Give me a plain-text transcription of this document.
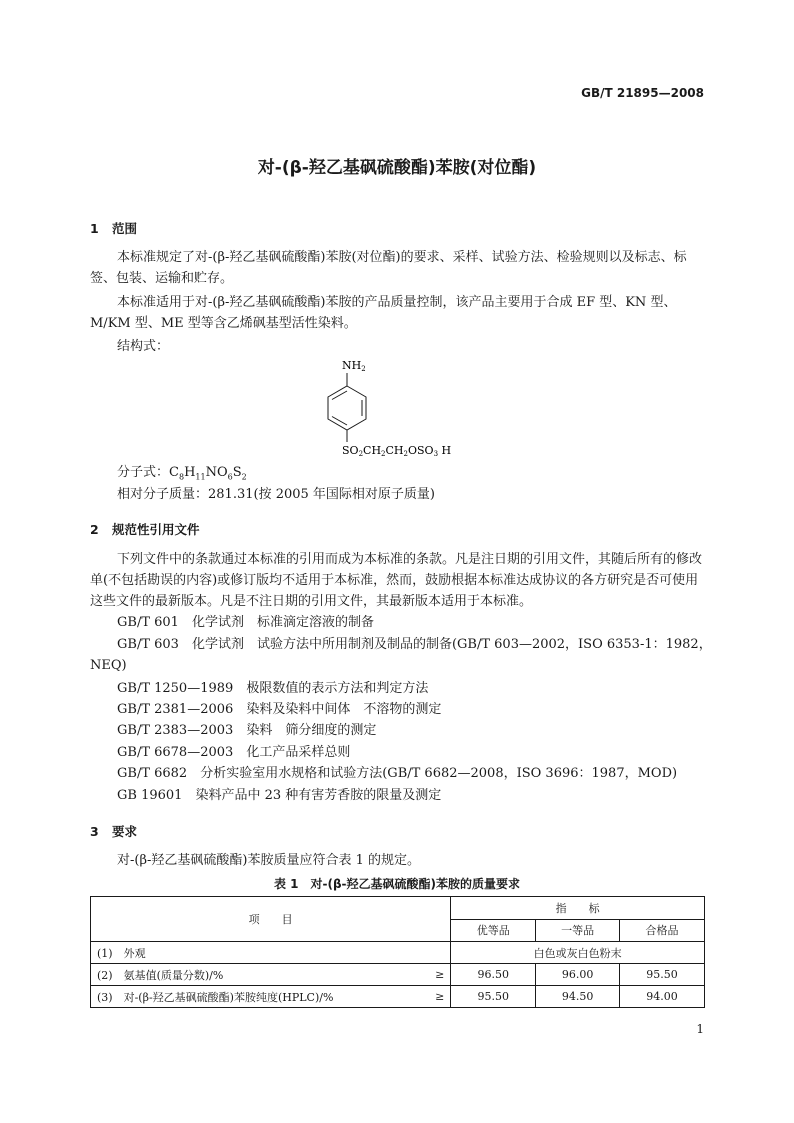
GB/T 21895—2008
对-(β-羟乙基砜硫酸酯)苯胺(对位酯)
1 范围
本标准规定了对-(β-羟乙基砜硫酸酯)苯胺(对位酯)的要求、采样、试验方法、检验规则以及标志、标签、包装、运输和贮存。
本标准适用于对-(β-羟乙基砜硫酸酯)苯胺的产品质量控制，该产品主要用于合成 EF 型、KN 型、M/KM 型、ME 型等含乙烯砜基型活性染料。
结构式：
NH2
SO2CH2CH2OSO3 H
分子式：$C_8H_{11}NO_6S_2$
相对分子质量：281.31(按 2005 年国际相对原子质量)
2 规范性引用文件
下列文件中的条款通过本标准的引用而成为本标准的条款。凡是注日期的引用文件，其随后所有的修改单(不包括勘误的内容)或修订版均不适用于本标准，然而，鼓励根据本标准达成协议的各方研究是否可使用这些文件的最新版本。凡是不注日期的引用文件，其最新版本适用于本标准。
GB/T 601　 化学试剂　标准滴定溶液的制备
GB/T 603　 化学试剂　试验方法中所用制剂及制品的制备(GB/T 603—2002，ISO 6353-1：1982，
NEQ)
GB/T 1250—1989　 极限数值的表示方法和判定方法
GB/T 2381—2006　 染料及染料中间体　不溶物的测定
GB/T 2383—2003　 染料　筛分细度的测定
GB/T 6678—2003　 化工产品采样总则
GB/T 6682　 分析实验室用水规格和试验方法(GB/T 6682—2008，ISO 3696：1987，MOD)
GB 19601　 染料产品中 23 种有害芳香胺的限量及测定
3 要求
对-(β-羟乙基砜硫酸酯)苯胺质量应符合表 1 的规定。
表 1　对-(β-羟乙基砜硫酸酯)苯胺的质量要求
项　　目		指　　标		
		优等品	一等品	合格品
(1)　 外观		白色或灰白色粉末		
(2)　 氨基值(质量分数)/%	≥	96.50	96.00	95.50
(3)　 对-(β-羟乙基砜硫酸酯)苯胺纯度(HPLC)/%	≥	95.50	94.50	94.00
1
